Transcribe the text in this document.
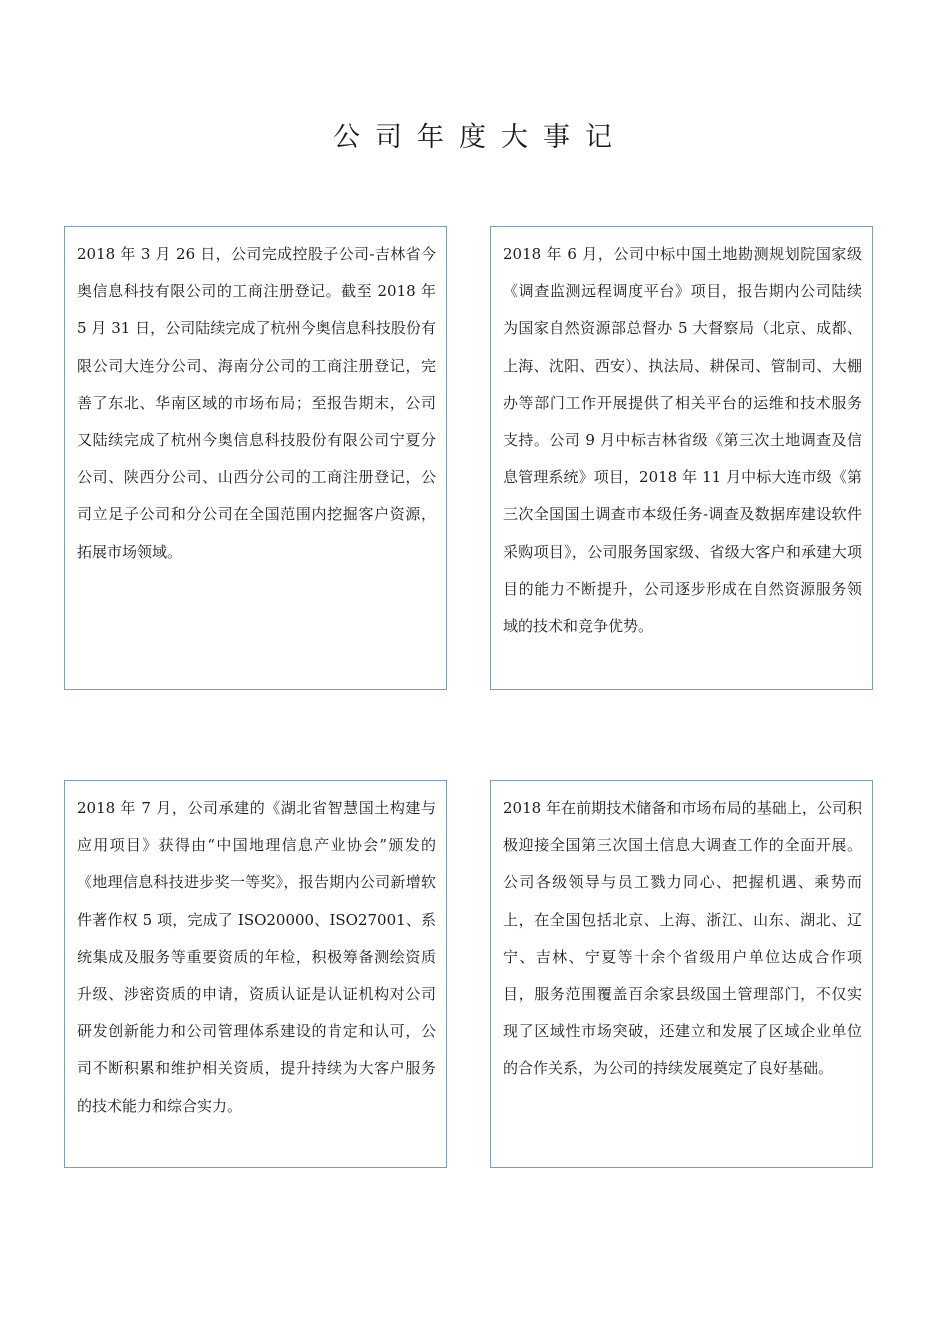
公司年度大事记

2018 年 3 月 26 日，公司完成控股子公司-吉林省今奥信息科技有限公司的工商注册登记。截至 2018 年 5 月 31 日，公司陆续完成了杭州今奥信息科技股份有限公司大连分公司、海南分公司的工商注册登记，完善了东北、华南区域的市场布局；至报告期末，公司又陆续完成了杭州今奥信息科技股份有限公司宁夏分公司、陕西分公司、山西分公司的工商注册登记，公司立足子公司和分公司在全国范围内挖掘客户资源，拓展市场领域。

2018 年 6 月，公司中标中国土地勘测规划院国家级《调查监测远程调度平台》项目，报告期内公司陆续为国家自然资源部总督办 5 大督察局（北京、成都、上海、沈阳、西安）、执法局、耕保司、管制司、大棚办等部门工作开展提供了相关平台的运维和技术服务支持。公司 9 月中标吉林省级《第三次土地调查及信息管理系统》项目，2018 年 11 月中标大连市级《第三次全国国土调查市本级任务-调查及数据库建设软件采购项目》，公司服务国家级、省级大客户和承建大项目的能力不断提升，公司逐步形成在自然资源服务领域的技术和竞争优势。

2018 年 7 月，公司承建的《湖北省智慧国土构建与应用项目》获得由“中国地理信息产业协会”颁发的《地理信息科技进步奖一等奖》，报告期内公司新增软件著作权 5 项，完成了 ISO20000、ISO27001、系统集成及服务等重要资质的年检，积极筹备测绘资质升级、涉密资质的申请，资质认证是认证机构对公司研发创新能力和公司管理体系建设的肯定和认可，公司不断积累和维护相关资质，提升持续为大客户服务的技术能力和综合实力。

2018 年在前期技术储备和市场布局的基础上，公司积极迎接全国第三次国土信息大调查工作的全面开展。公司各级领导与员工戮力同心、把握机遇、乘势而上，在全国包括北京、上海、浙江、山东、湖北、辽宁、吉林、宁夏等十余个省级用户单位达成合作项目，服务范围覆盖百余家县级国土管理部门，不仅实现了区域性市场突破，还建立和发展了区域企业单位的合作关系，为公司的持续发展奠定了良好基础。
